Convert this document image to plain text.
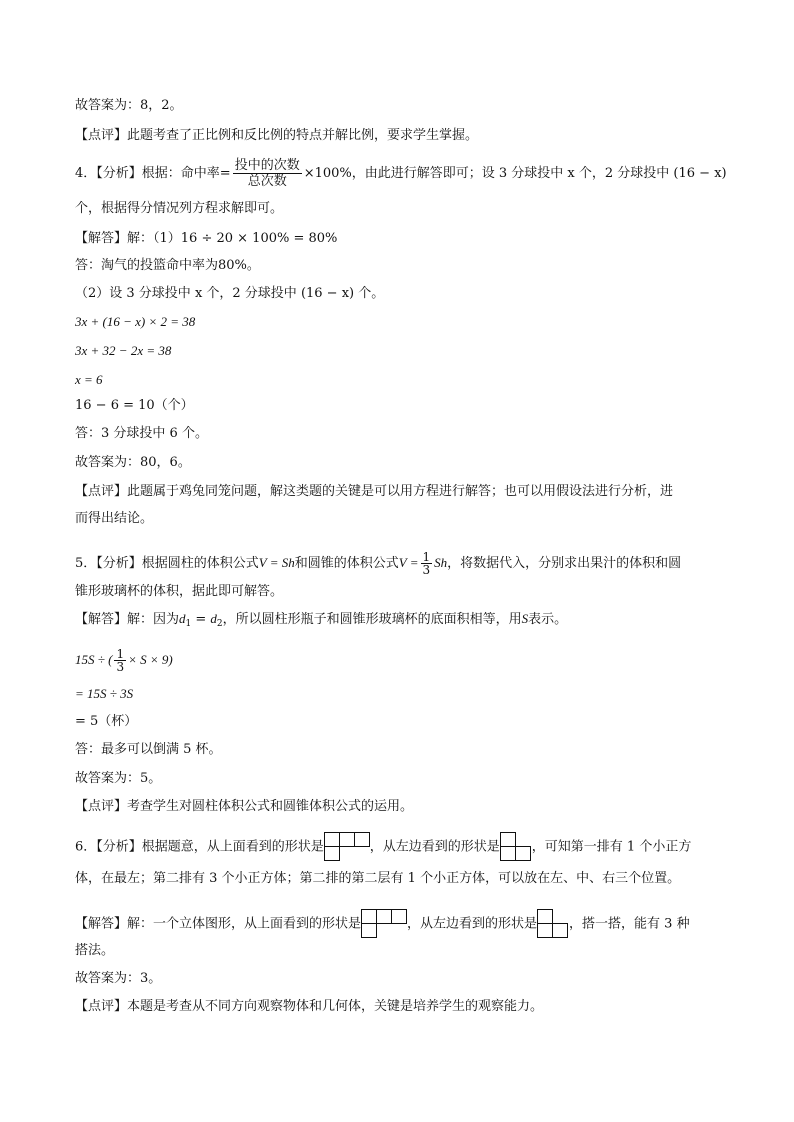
故答案为：8，2。
【点评】此题考查了正比例和反比例的特点并解比例，要求学生掌握。
4．【分析】根据：命中率= $\frac{\text{投中的次数}}{\text{总次数}} \times 100\%$，由此进行解答即可；设 3 分球投中 x 个，2 分球投中 (16 − x)
个，根据得分情况列方程求解即可。
【解答】解：（1）16 ÷ 20 × 100% = 80%
答：淘气的投篮命中率为80%。
（2）设 3 分球投中 x 个，2 分球投中 (16 − x) 个。
3x + (16 − x) × 2 = 38
3x + 32 − 2x = 38
x = 6
16 − 6 = 10（个）
答：3 分球投中 6 个。
故答案为：80，6。
【点评】此题属于鸡兔同笼问题，解这类题的关键是可以用方程进行解答；也可以用假设法进行分析，进
而得出结论。
5．【分析】根据圆柱的体积公式V = Sh和圆锥的体积公式$V = \frac{1}{3}$ Sh，将数据代入，分别求出果汁的体积和圆
锥形玻璃杯的体积，据此即可解答。
【解答】解：因为$d_1 = d_2$，所以圆柱形瓶子和圆锥形玻璃杯的底面积相等，用S表示。
15S ÷ ( $\frac{1}{3} \times S \times 9$)
= 15S ÷ 3S
= 5（杯）
答：最多可以倒满 5 杯。
故答案为：5。
【点评】考查学生对圆柱体积公式和圆锥体积公式的运用。
6．【分析】根据题意，从上面看到的形状是	，从左边看到的形状是 ，可知第一排有 1 个小正方
体，在最左；第二排有 3 个小正方体；第二排的第二层有 1 个小正方体，可以放在左、中、右三个位置。
【解答】解：一个立体图形，从上面看到的形状是	，从左边看到的形状是 ，搭一搭，能有 3 种
搭法。
故答案为：3。
【点评】本题是考查从不同方向观察物体和几何体，关键是培养学生的观察能力。
